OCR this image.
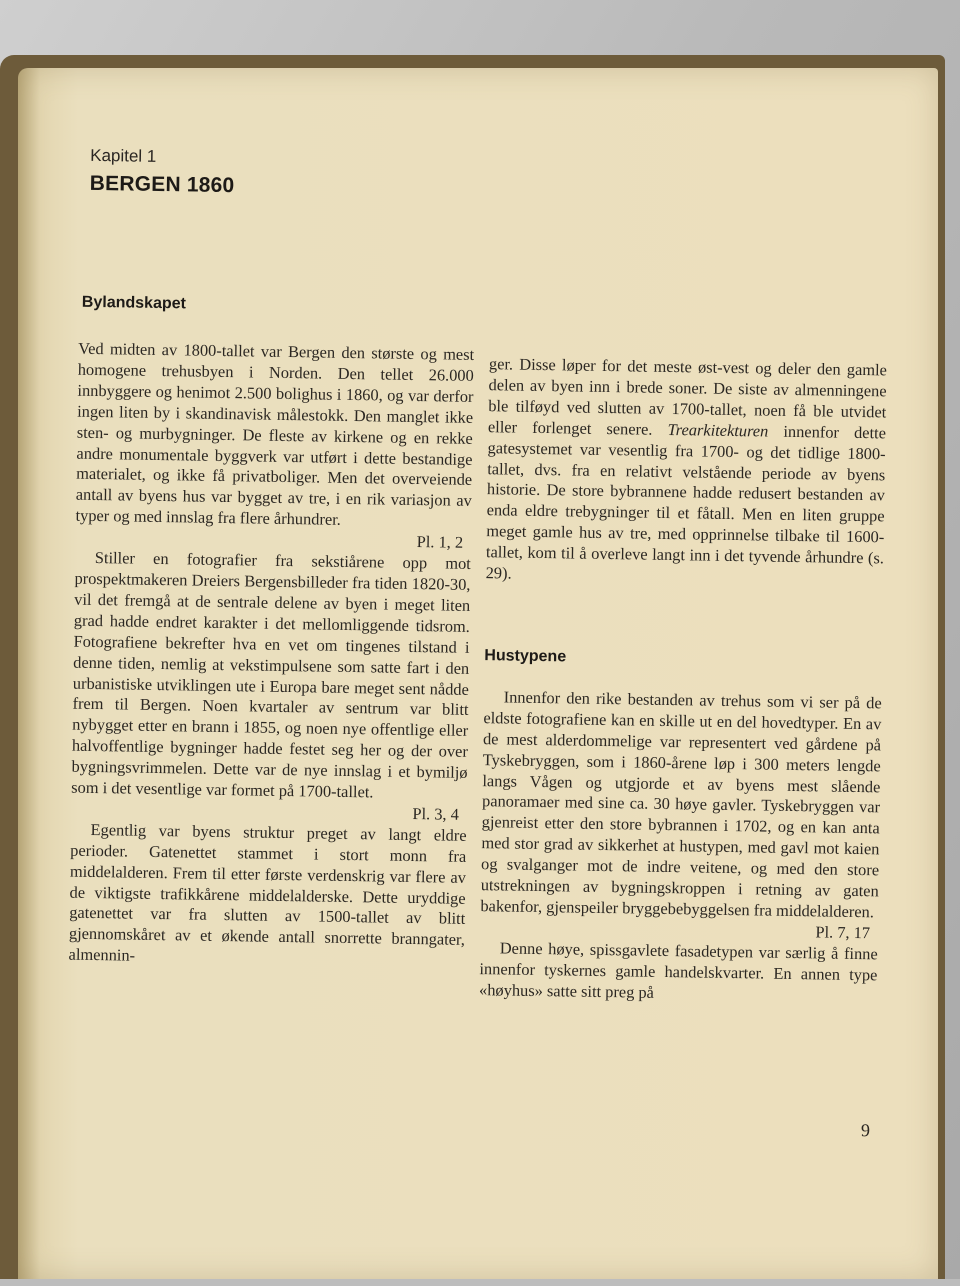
Kapitel 1
BERGEN 1860
Bylandskapet

Ved midten av 1800-tallet var Bergen den største og mest homogene trehusbyen i Norden. Den tellet 26.000 innbyggere og henimot 2.500 bolighus i 1860, og var derfor ingen liten by i skandinavisk målestokk. Den manglet ikke sten- og murbygninger. De fleste av kirkene og en rekke andre monumentale byggverk var utført i dette bestandige materialet, og ikke få privatboliger. Men det overveiende antall av byens hus var bygget av tre, i en rik variasjon av typer og med innslag fra flere århundrer.

Pl. 1, 2

Stiller en fotografier fra sekstiårene opp mot prospektmakeren Dreiers Bergensbilleder fra tiden 1820-30, vil det fremgå at de sentrale delene av byen i meget liten grad hadde endret karakter i det mellomliggende tidsrom. Fotografiene bekrefter hva en vet om tingenes tilstand i denne tiden, nemlig at vekstimpulsene som satte fart i den urbanistiske utviklingen ute i Europa bare meget sent nådde frem til Bergen. Noen kvartaler av sentrum var blitt nybygget etter en brann i 1855, og noen nye offentlige eller halvoffentlige bygninger hadde festet seg her og der over bygningsvrimmelen. Dette var de nye innslag i et bymiljø som i det vesentlige var formet på 1700-tallet.

Pl. 3, 4

Egentlig var byens struktur preget av langt eldre perioder. Gatenettet stammet i stort monn fra middelalderen. Frem til etter første verdenskrig var flere av de viktigste trafikkårene middelalderske. Dette uryddige gatenettet var fra slutten av 1500-tallet av blitt gjennomskåret av et økende antall snorrette branngater, almennin-

ger. Disse løper for det meste øst-vest og deler den gamle delen av byen inn i brede soner. De siste av almenningene ble tilføyd ved slutten av 1700-tallet, noen få ble utvidet eller forlenget senere. Trearkitekturen innenfor dette gatesystemet var vesentlig fra 1700- og det tidlige 1800-tallet, dvs. fra en relativt velstående periode av byens historie. De store bybrannene hadde redusert bestanden av enda eldre trebygninger til et fåtall. Men en liten gruppe meget gamle hus av tre, med opprinnelse tilbake til 1600-tallet, kom til å overleve langt inn i det tyvende århundre (s. 29).

Hustypene

Innenfor den rike bestanden av trehus som vi ser på de eldste fotografiene kan en skille ut en del hovedtyper. En av de mest alderdommelige var representert ved gårdene på Tyskebryggen, som i 1860-årene løp i 300 meters lengde langs Vågen og utgjorde et av byens mest slående panoramaer med sine ca. 30 høye gavler. Tyskebryggen var gjenreist etter den store bybrannen i 1702, og en kan anta med stor grad av sikkerhet at hustypen, med gavl mot kaien og svalganger mot de indre veitene, og med den store utstrekningen av bygningskroppen i retning av gaten bakenfor, gjenspeiler bryggebebyggelsen fra middelalderen.

Pl. 7, 17

Denne høye, spissgavlete fasadetypen var særlig å finne innenfor tyskernes gamle handelskvarter. En annen type «høyhus» satte sitt preg på

9
